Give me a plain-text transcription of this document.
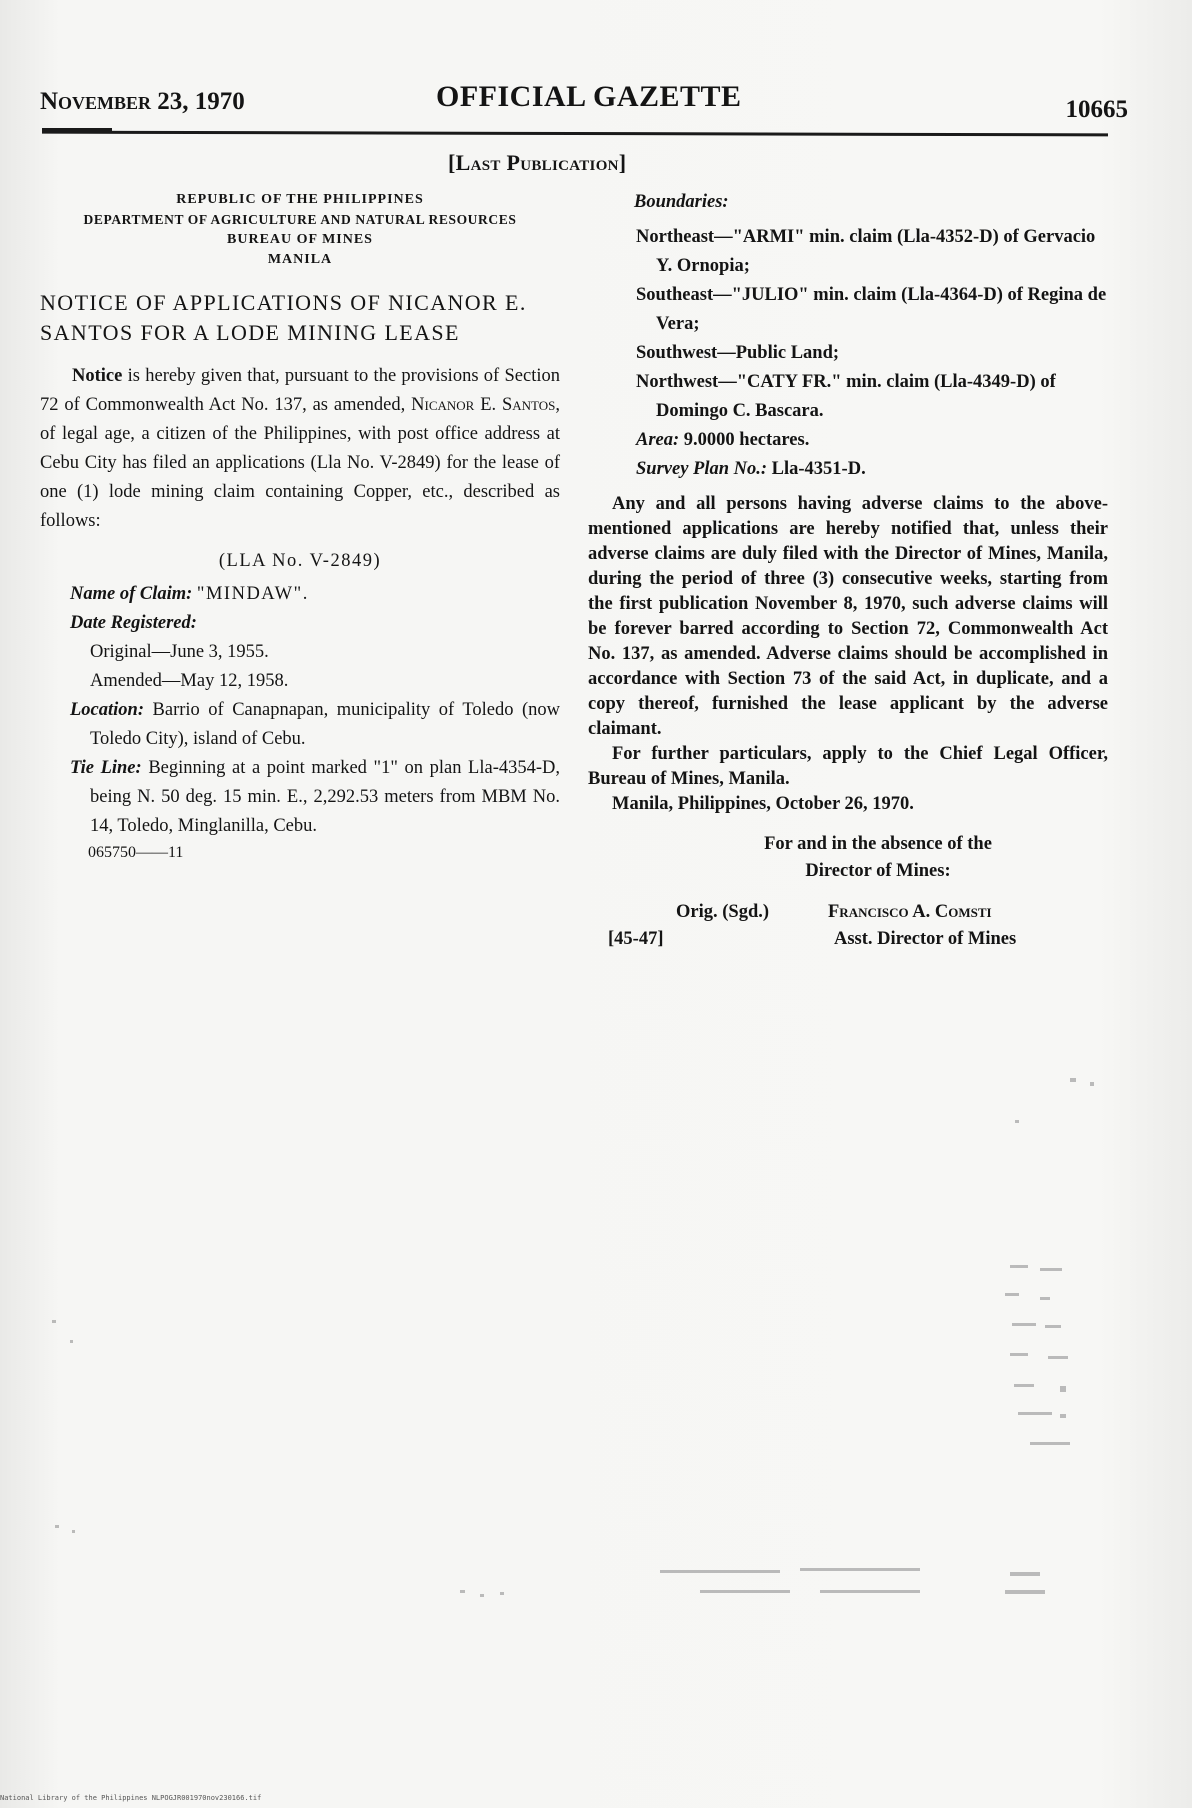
November 23, 1970	OFFICIAL GAZETTE	10665
[Last Publication]
REPUBLIC OF THE PHILIPPINES
DEPARTMENT OF AGRICULTURE AND NATURAL RESOURCES
BUREAU OF MINES
MANILA
NOTICE OF APPLICATIONS OF NICANOR E. SANTOS FOR A LODE MINING LEASE
Notice is hereby given that, pursuant to the provisions of Section 72 of Commonwealth Act No. 137, as amended, Nicanor E. Santos, of legal age, a citizen of the Philippines, with post office address at Cebu City has filed an applications (Lla No. V-2849) for the lease of one (1) lode mining claim containing Copper, etc., described as follows:
(LLA No. V-2849)
Name of Claim: "MINDAW".
Date Registered:
Original—June 3, 1955.
Amended—May 12, 1958.
Location: Barrio of Canapnapan, municipality of Toledo (now Toledo City), island of Cebu.
Tie Line: Beginning at a point marked "1" on plan Lla-4354-D, being N. 50 deg. 15 min. E., 2,292.53 meters from MBM No. 14, Toledo, Minglanilla, Cebu.
065750——11
Boundaries:
Northeast—"ARMI" min. claim (Lla-4352-D) of Gervacio Y. Ornopia;
Southeast—"JULIO" min. claim (Lla-4364-D) of Regina de Vera;
Southwest—Public Land;
Northwest—"CATY FR." min. claim (Lla-4349-D) of Domingo C. Bascara.
Area: 9.0000 hectares.
Survey Plan No.: Lla-4351-D.
Any and all persons having adverse claims to the above-mentioned applications are hereby notified that, unless their adverse claims are duly filed with the Director of Mines, Manila, during the period of three (3) consecutive weeks, starting from the first publication November 8, 1970, such adverse claims will be forever barred according to Section 72, Commonwealth Act No. 137, as amended. Adverse claims should be accomplished in accordance with Section 73 of the said Act, in duplicate, and a copy thereof, furnished the lease applicant by the adverse claimant.
For further particulars, apply to the Chief Legal Officer, Bureau of Mines, Manila.
Manila, Philippines, October 26, 1970.
For and in the absence of the
Director of Mines:
Orig. (Sgd.)	Francisco A. Comsti
[45-47]	Asst. Director of Mines
National Library of the Philippines NLPOGJR001970nov230166.tif
